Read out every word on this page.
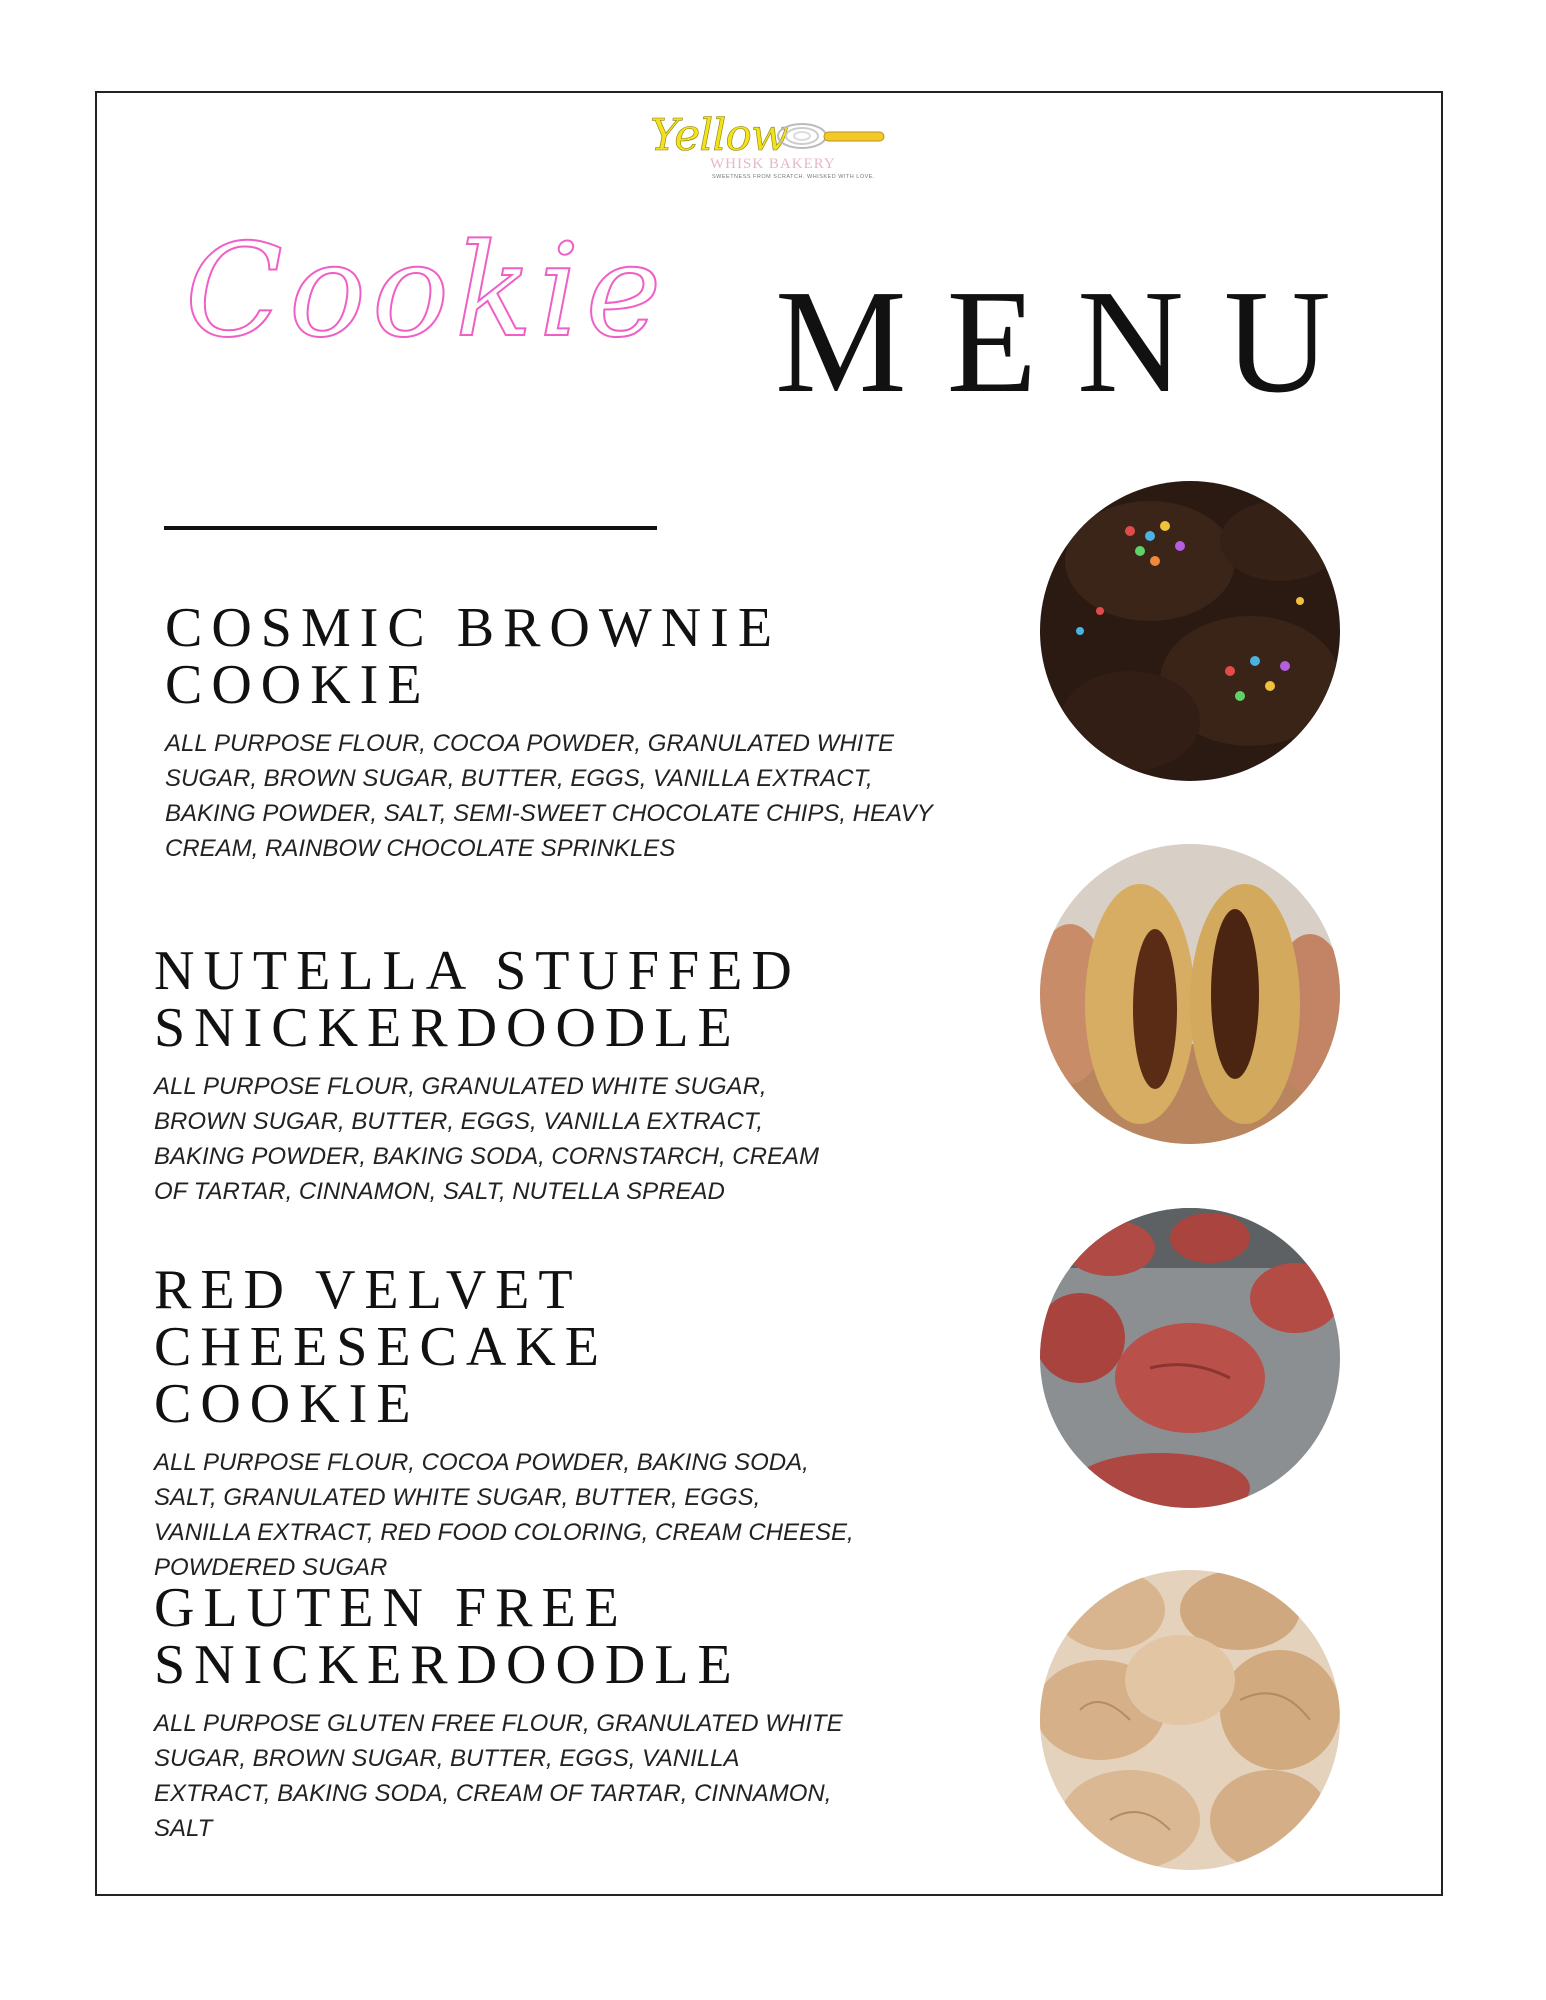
Yellow
WHISK BAKERY
SWEETNESS FROM SCRATCH. WHISKED WITH LOVE.
Cookie MENU
COSMIC BROWNIE
COOKIE

ALL PURPOSE FLOUR, COCOA POWDER, GRANULATED WHITE SUGAR, BROWN SUGAR, BUTTER, EGGS, VANILLA EXTRACT, BAKING POWDER, SALT, SEMI-SWEET CHOCOLATE CHIPS, HEAVY CREAM, RAINBOW CHOCOLATE SPRINKLES

NUTELLA STUFFED
SNICKERDOODLE

ALL PURPOSE FLOUR, GRANULATED WHITE SUGAR, BROWN SUGAR, BUTTER, EGGS, VANILLA EXTRACT, BAKING POWDER, BAKING SODA, CORNSTARCH, CREAM OF TARTAR, CINNAMON, SALT, NUTELLA SPREAD

RED VELVET
CHEESECAKE COOKIE

ALL PURPOSE FLOUR, COCOA POWDER, BAKING SODA, SALT, GRANULATED WHITE SUGAR, BUTTER, EGGS, VANILLA EXTRACT, RED FOOD COLORING, CREAM CHEESE, POWDERED SUGAR

GLUTEN FREE
SNICKERDOODLE

ALL PURPOSE GLUTEN FREE FLOUR, GRANULATED WHITE SUGAR, BROWN SUGAR, BUTTER, EGGS, VANILLA EXTRACT, BAKING SODA, CREAM OF TARTAR, CINNAMON, SALT
